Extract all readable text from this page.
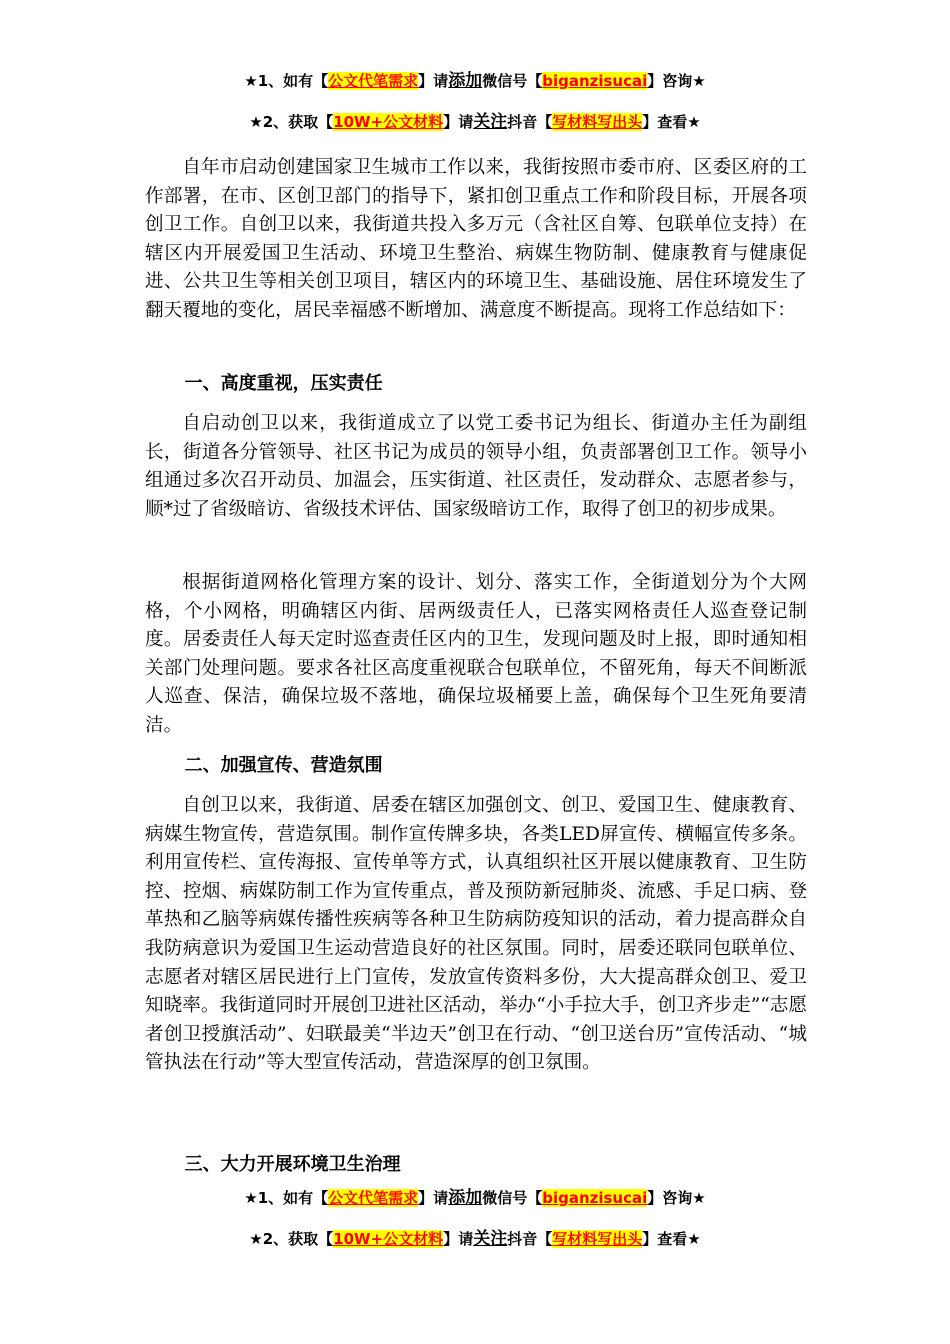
★1、如有【公文代笔需求】请添加微信号【biganzisucai】咨询★
★2、获取【10W+公文材料】请关注抖音【写材料写出头】查看★

自年市启动创建国家卫生城市工作以来，我街按照市委市府、区委区府的工作部署，在市、区创卫部门的指导下，紧扣创卫重点工作和阶段目标，开展各项创卫工作。自创卫以来，我街道共投入多万元（含社区自筹、包联单位支持）在辖区内开展爱国卫生活动、环境卫生整治、病媒生物防制、健康教育与健康促进、公共卫生等相关创卫项目，辖区内的环境卫生、基础设施、居住环境发生了翻天覆地的变化，居民幸福感不断增加、满意度不断提高。现将工作总结如下：

一、高度重视，压实责任

自启动创卫以来，我街道成立了以党工委书记为组长、街道办主任为副组长，街道各分管领导、社区书记为成员的领导小组，负责部署创卫工作。领导小组通过多次召开动员、加温会，压实街道、社区责任，发动群众、志愿者参与，顺*过了省级暗访、省级技术评估、国家级暗访工作，取得了创卫的初步成果。

根据街道网格化管理方案的设计、划分、落实工作，全街道划分为个大网格，个小网格，明确辖区内街、居两级责任人，已落实网格责任人巡查登记制度。居委责任人每天定时巡查责任区内的卫生，发现问题及时上报，即时通知相关部门处理问题。要求各社区高度重视联合包联单位，不留死角，每天不间断派人巡查、保洁，确保垃圾不落地，确保垃圾桶要上盖，确保每个卫生死角要清洁。

二、加强宣传、营造氛围

自创卫以来，我街道、居委在辖区加强创文、创卫、爱国卫生、健康教育、病媒生物宣传，营造氛围。制作宣传牌多块，各类LED屏宣传、横幅宣传多条。利用宣传栏、宣传海报、宣传单等方式，认真组织社区开展以健康教育、卫生防控、控烟、病媒防制工作为宣传重点，普及预防新冠肺炎、流感、手足口病、登革热和乙脑等病媒传播性疾病等各种卫生防病防疫知识的活动，着力提高群众自我防病意识为爱国卫生运动营造良好的社区氛围。同时，居委还联同包联单位、志愿者对辖区居民进行上门宣传，发放宣传资料多份，大大提高群众创卫、爱卫知晓率。我街道同时开展创卫进社区活动，举办“小手拉大手，创卫齐步走”“志愿者创卫授旗活动”、妇联最美“半边天”创卫在行动、“创卫送台历”宣传活动、“城管执法在行动”等大型宣传活动，营造深厚的创卫氛围。

三、大力开展环境卫生治理

★1、如有【公文代笔需求】请添加微信号【biganzisucai】咨询★
★2、获取【10W+公文材料】请关注抖音【写材料写出头】查看★
